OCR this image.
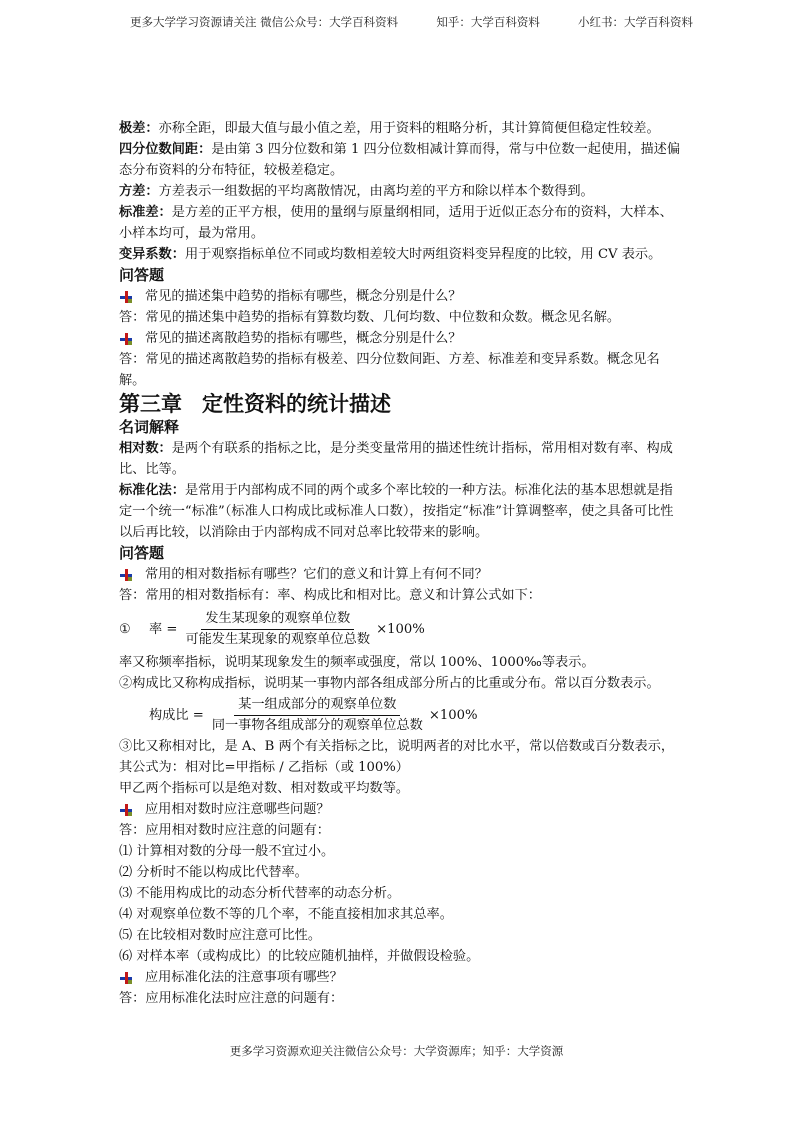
更多大学学习资源请关注 微信公众号：大学百科资料	知乎：大学百科资料	小红书：大学百科资料

极差：亦称全距，即最大值与最小值之差，用于资料的粗略分析，其计算简便但稳定性较差。

四分位数间距：是由第 3 四分位数和第 1 四分位数相减计算而得，常与中位数一起使用，描述偏态分布资料的分布特征，较极差稳定。

方差：方差表示一组数据的平均离散情况，由离均差的平方和除以样本个数得到。

标准差：是方差的正平方根，使用的量纲与原量纲相同，适用于近似正态分布的资料，大样本、小样本均可，最为常用。

变异系数：用于观察指标单位不同或均数相差较大时两组资料变异程度的比较，用 CV 表示。

问答题

常见的描述集中趋势的指标有哪些，概念分别是什么？

答：常见的描述集中趋势的指标有算数均数、几何均数、中位数和众数。概念见名解。

常见的描述离散趋势的指标有哪些，概念分别是什么？

答：常见的描述离散趋势的指标有极差、四分位数间距、方差、标准差和变异系数。概念见名解。

第三章 定性资料的统计描述

名词解释

相对数：是两个有联系的指标之比，是分类变量常用的描述性统计指标，常用相对数有率、构成比、比等。

标准化法：是常用于内部构成不同的两个或多个率比较的一种方法。标准化法的基本思想就是指定一个统一“标准”（标准人口构成比或标准人口数），按指定“标准”计算调整率，使之具备可比性以后再比较，以消除由于内部构成不同对总率比较带来的影响。

问答题

常用的相对数指标有哪些？它们的意义和计算上有何不同？

答：常用的相对数指标有：率、构成比和相对比。意义和计算公式如下：

①	率 = $\frac{\text{发生某现象的观察单位数}}{\text{可能发生某现象的观察单位总数}} \times 100\%$

率又称频率指标，说明某现象发生的频率或强度，常以 100%、1000‰等表示。

②构成比又称构成指标，说明某一事物内部各组成部分所占的比重或分布。常以百分数表示。

构成比 = $\frac{\text{某一组成部分的观察单位数}}{\text{同一事物各组成部分的观察单位总数}} \times 100\%$

③比又称相对比，是 A、B 两个有关指标之比，说明两者的对比水平，常以倍数或百分数表示，其公式为：相对比=甲指标 / 乙指标（或 100%）

甲乙两个指标可以是绝对数、相对数或平均数等。

应用相对数时应注意哪些问题？

答：应用相对数时应注意的问题有：

⑴ 计算相对数的分母一般不宜过小。

⑵ 分析时不能以构成比代替率。

⑶ 不能用构成比的动态分析代替率的动态分析。

⑷ 对观察单位数不等的几个率，不能直接相加求其总率。

⑸ 在比较相对数时应注意可比性。

⑹ 对样本率（或构成比）的比较应随机抽样，并做假设检验。

应用标准化法的注意事项有哪些？

答：应用标准化法时应注意的问题有：

更多学习资源欢迎关注微信公众号：大学资源库；知乎：大学资源
